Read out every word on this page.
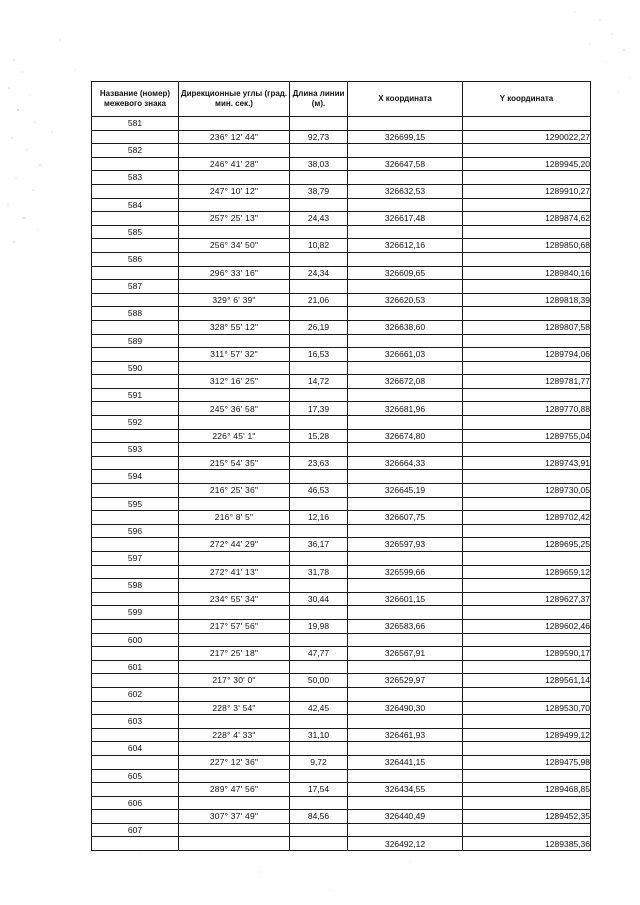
Название (номер) межевого знака	Дирекционные углы (град. мин. сек.)	Длина линии (м).	X координата	Y координата
581				
	236° 12' 44"	92,73	326699,15	1290022,27
582				
	246° 41' 28"	38,03	326647,58	1289945,20
583				
	247° 10' 12"	38,79	326632,53	1289910,27
584				
	257° 25' 13"	24,43	326617,48	1289874,62
585				
	256° 34' 50"	10,82	326612,16	1289850,68
586				
	296° 33' 16"	24,34	326609,65	1289840,16
587				
	329° 6' 39"	21,06	326620,53	1289818,39
588				
	328° 55' 12"	26,19	326638,60	1289807,58
589				
	311° 57' 32"	16,53	326661,03	1289794,06
590				
	312° 16' 25"	14,72	326672,08	1289781,77
591				
	245° 36' 58"	17,39	326681,96	1289770,88
592				
	226° 45' 1"	15,28	326674,80	1289755,04
593				
	215° 54' 35"	23,63	326664,33	1289743,91
594				
	216° 25' 36"	46,53	326645,19	1289730,05
595				
	216° 8' 5"	12,16	326607,75	1289702,42
596				
	272° 44' 29"	36,17	326597,93	1289695,25
597				
	272° 41' 13"	31,78	326599,66	1289659,12
598				
	234° 55' 34"	30,44	326601,15	1289627,37
599				
	217° 57' 56"	19,98	326583,66	1289602,46
600				
	217° 25' 18"	47,77	326567,91	1289590,17
601				
	217° 30' 0"	50,00	326529,97	1289561,14
602				
	228° 3' 54"	42,45	326490,30	1289530,70
603				
	228° 4' 33"	31,10	326461,93	1289499,12
604				
	227° 12' 36"	9,72	326441,15	1289475,98
605				
	289° 47' 56"	17,54	326434,55	1289468,85
606				
	307° 37' 49"	84,56	326440,49	1289452,35
607				
			326492,12	1289385,36
